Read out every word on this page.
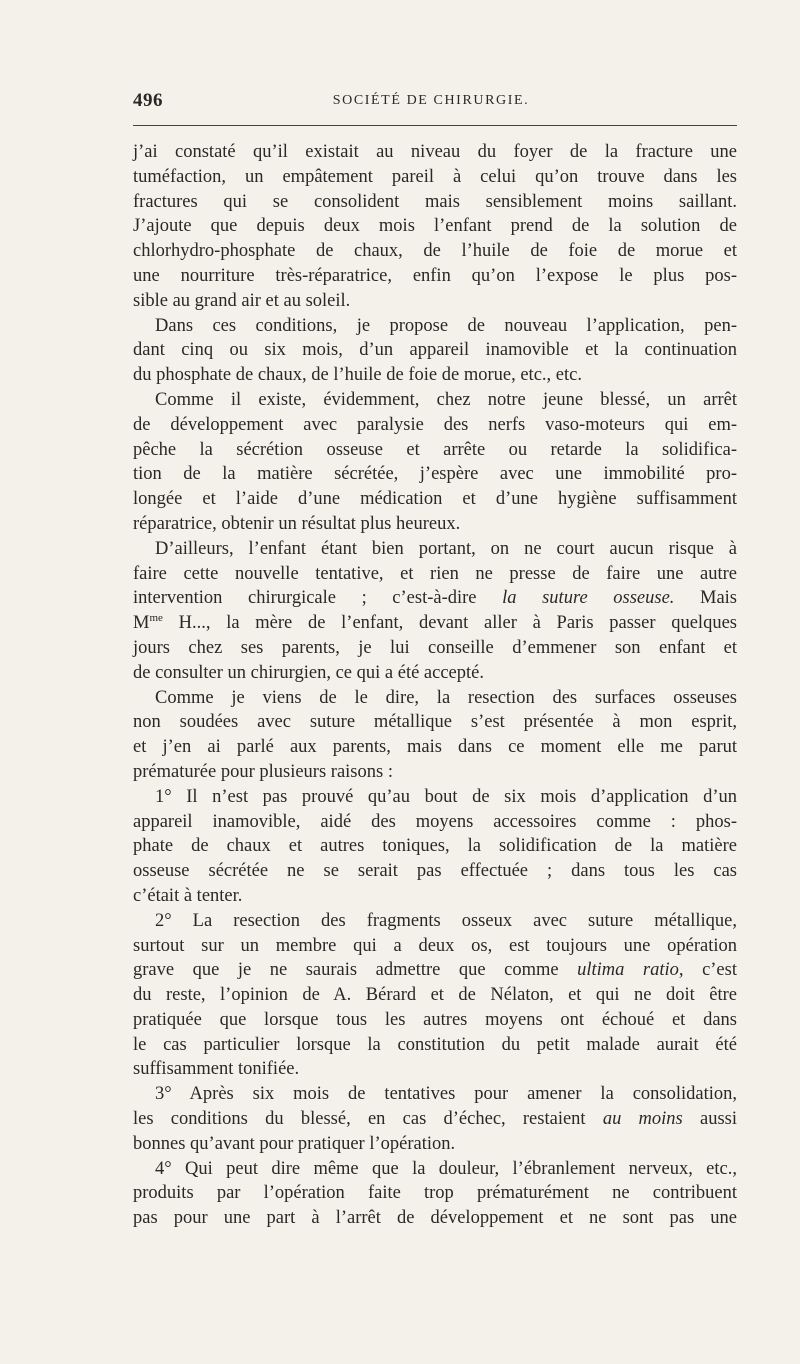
496	SOCIÉTÉ DE CHIRURGIE.
j’ai constaté qu’il existait au niveau du foyer de la fracture une
tuméfaction, un empâtement pareil à celui qu’on trouve dans les
fractures qui se consolident mais sensiblement moins saillant.
J’ajoute que depuis deux mois l’enfant prend de la solution de
chlorhydro-phosphate de chaux, de l’huile de foie de morue et
une nourriture très-réparatrice, enfin qu’on l’expose le plus pos-
sible au grand air et au soleil.
Dans ces conditions, je propose de nouveau l’application, pen-
dant cinq ou six mois, d’un appareil inamovible et la continuation
du phosphate de chaux, de l’huile de foie de morue, etc., etc.
Comme il existe, évidemment, chez notre jeune blessé, un arrêt
de développement avec paralysie des nerfs vaso-moteurs qui em-
pêche la sécrétion osseuse et arrête ou retarde la solidifica-
tion de la matière sécrétée, j’espère avec une immobilité pro-
longée et l’aide d’une médication et d’une hygiène suffisamment
réparatrice, obtenir un résultat plus heureux.
D’ailleurs, l’enfant étant bien portant, on ne court aucun risque à
faire cette nouvelle tentative, et rien ne presse de faire une autre
intervention chirurgicale ; c’est-à-dire la suture osseuse. Mais
$M^{me}$ H..., la mère de l’enfant, devant aller à Paris passer quelques
jours chez ses parents, je lui conseille d’emmener son enfant et
de consulter un chirurgien, ce qui a été accepté.
Comme je viens de le dire, la resection des surfaces osseuses
non soudées avec suture métallique s’est présentée à mon esprit,
et j’en ai parlé aux parents, mais dans ce moment elle me parut
prématurée pour plusieurs raisons :
1° Il n’est pas prouvé qu’au bout de six mois d’application d’un
appareil inamovible, aidé des moyens accessoires comme : phos-
phate de chaux et autres toniques, la solidification de la matière
osseuse sécrétée ne se serait pas effectuée ; dans tous les cas
c’était à tenter.
2° La resection des fragments osseux avec suture métallique,
surtout sur un membre qui a deux os, est toujours une opération
grave que je ne saurais admettre que comme ultima ratio, c’est
du reste, l’opinion de A. Bérard et de Nélaton, et qui ne doit être
pratiquée que lorsque tous les autres moyens ont échoué et dans
le cas particulier lorsque la constitution du petit malade aurait été
suffisamment tonifiée.
3° Après six mois de tentatives pour amener la consolidation,
les conditions du blessé, en cas d’échec, restaient au moins aussi
bonnes qu’avant pour pratiquer l’opération.
4° Qui peut dire même que la douleur, l’ébranlement nerveux, etc.,
produits par l’opération faite trop prématurément ne contribuent
pas pour une part à l’arrêt de développement et ne sont pas une
